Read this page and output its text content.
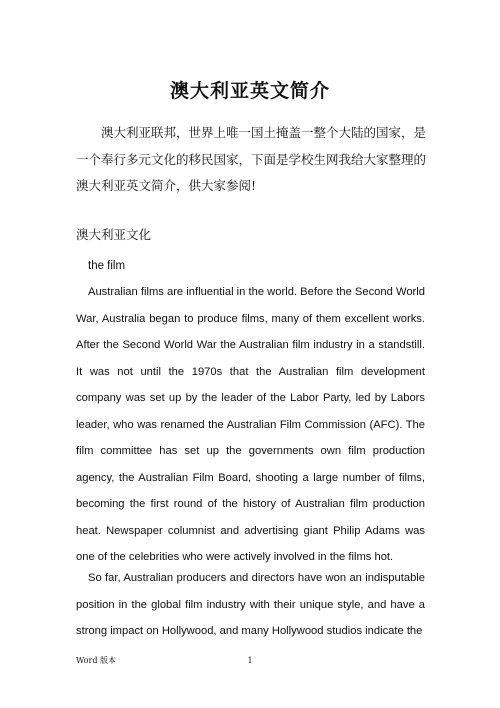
澳大利亚英文简介

澳大利亚联邦，世界上唯一国土掩盖一整个大陆的国家，是一个奉行多元文化的移民国家，下面是学校生网我给大家整理的澳大利亚英文简介，供大家参阅!

澳大利亚文化

the film

Australian films are influential in the world. Before the Second World War, Australia began to produce films, many of them excellent works. After the Second World War the Australian film industry in a standstill. It was not until the 1970s that the Australian film development company was set up by the leader of the Labor Party, led by Labors leader, who was renamed the Australian Film Commission (AFC). The film committee has set up the governments own film production agency, the Australian Film Board, shooting a large number of films, becoming the first round of the history of Australian film production heat. Newspaper columnist and advertising giant Philip Adams was one of the celebrities who were actively involved in the films hot.

So far, Australian producers and directors have won an indisputable position in the global film industry with their unique style, and have a strong impact on Hollywood, and many Hollywood studios indicate the

Word 版本	1
